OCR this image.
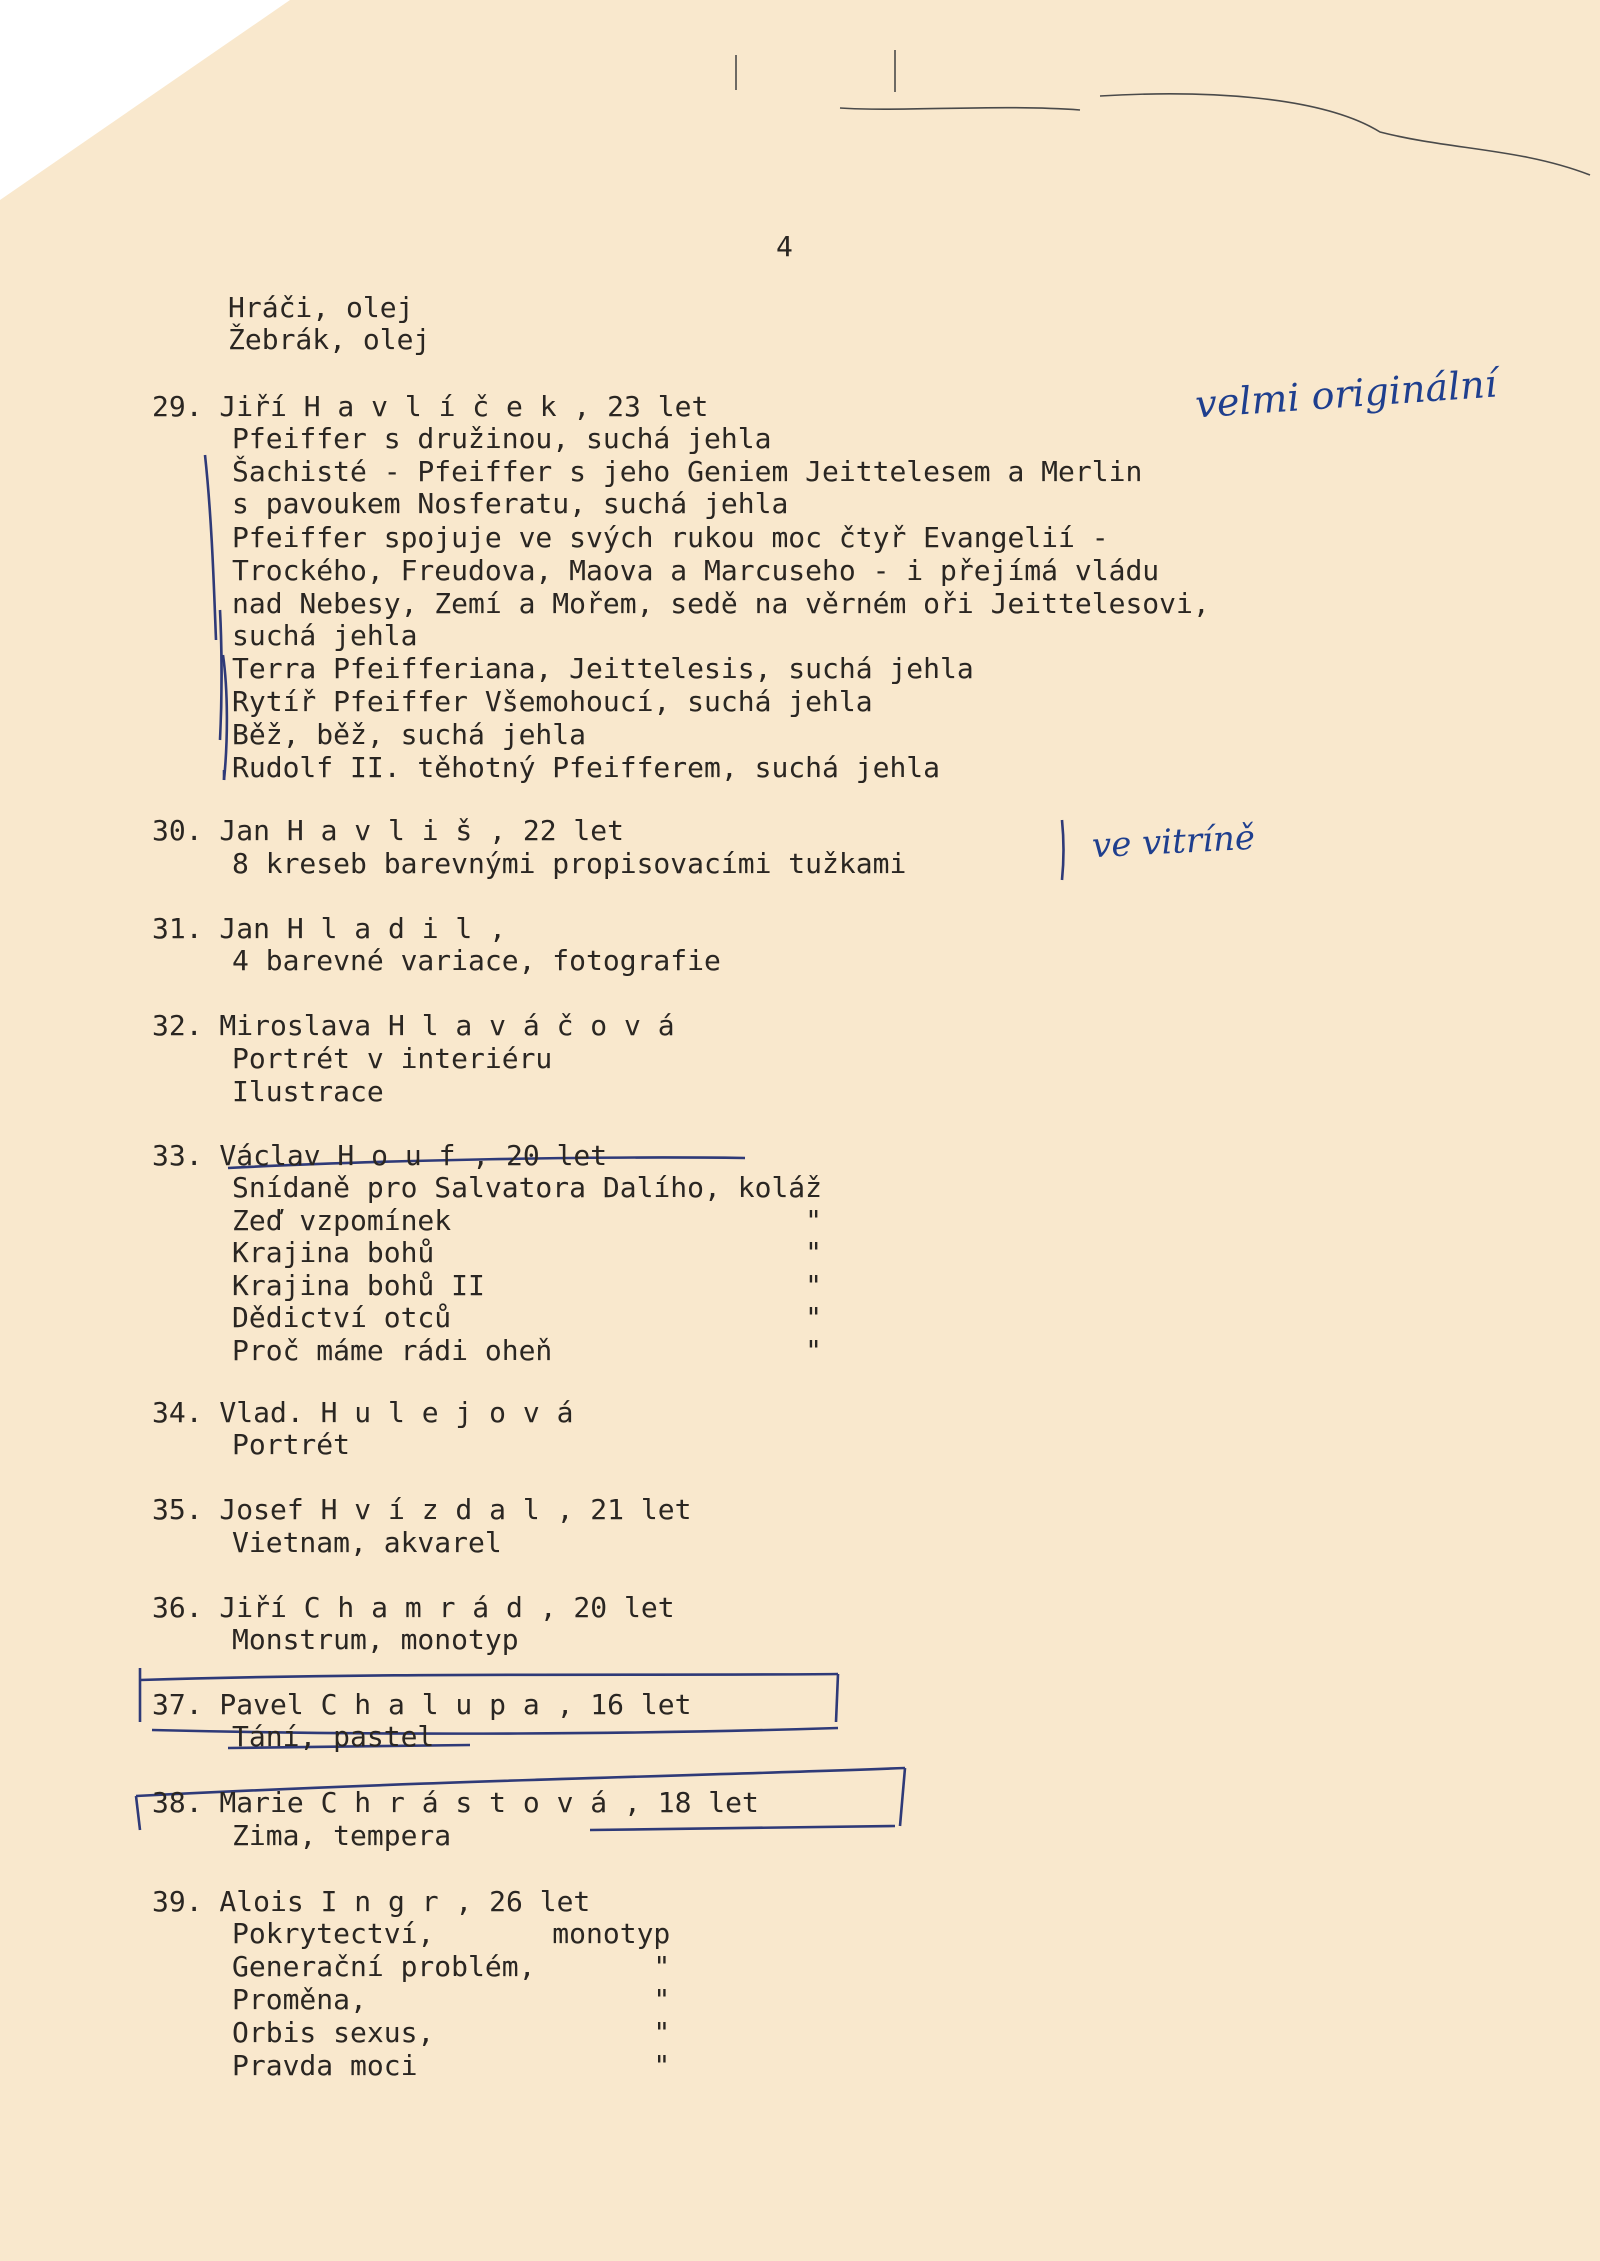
4
Hráči, olej
Žebrák, olej
29. Jiří H a v l í č e k , 23 let
Pfeiffer s družinou, suchá jehla
Šachisté - Pfeiffer s jeho Geniem Jeittelesem a Merlin
s pavoukem Nosferatu, suchá jehla
Pfeiffer spojuje ve svých rukou moc čtyř Evangelií -
Trockého, Freudova, Maova a Marcuseho - i přejímá vládu
nad Nebesy, Zemí a Mořem, sedě na věrném oři Jeittelesovi,
suchá jehla
Terra Pfeifferiana, Jeittelesis, suchá jehla
Rytíř Pfeiffer Všemohoucí, suchá jehla
Běž, běž, suchá jehla
Rudolf II. těhotný Pfeifferem, suchá jehla
30. Jan H a v l i š , 22 let
8 kreseb barevnými propisovacími tužkami
31. Jan H l a d i l ,
4 barevné variace, fotografie
32. Miroslava H l a v á č o v á
Portrét v interiéru
Ilustrace
33. Václav H o u f , 20 let
Snídaně pro Salvatora Dalího, koláž
Zeď vzpomínek                     "
Krajina bohů                      "
Krajina bohů II                   "
Dědictví otců                     "
Proč máme rádi oheň               "
34. Vlad. H u l e j o v á
Portrét
35. Josef H v í z d a l , 21 let
Vietnam, akvarel
36. Jiří C h a m r á d , 20 let
Monstrum, monotyp
37. Pavel C h a l u p a , 16 let
Tání, pastel
38. Marie C h r á s t o v á , 18 let
Zima, tempera
39. Alois I n g r , 26 let
Pokrytectví,       monotyp
Generační problém,       "
Proměna,                 "
Orbis sexus,             "
Pravda moci              "
velmi originální
ve vitríně
